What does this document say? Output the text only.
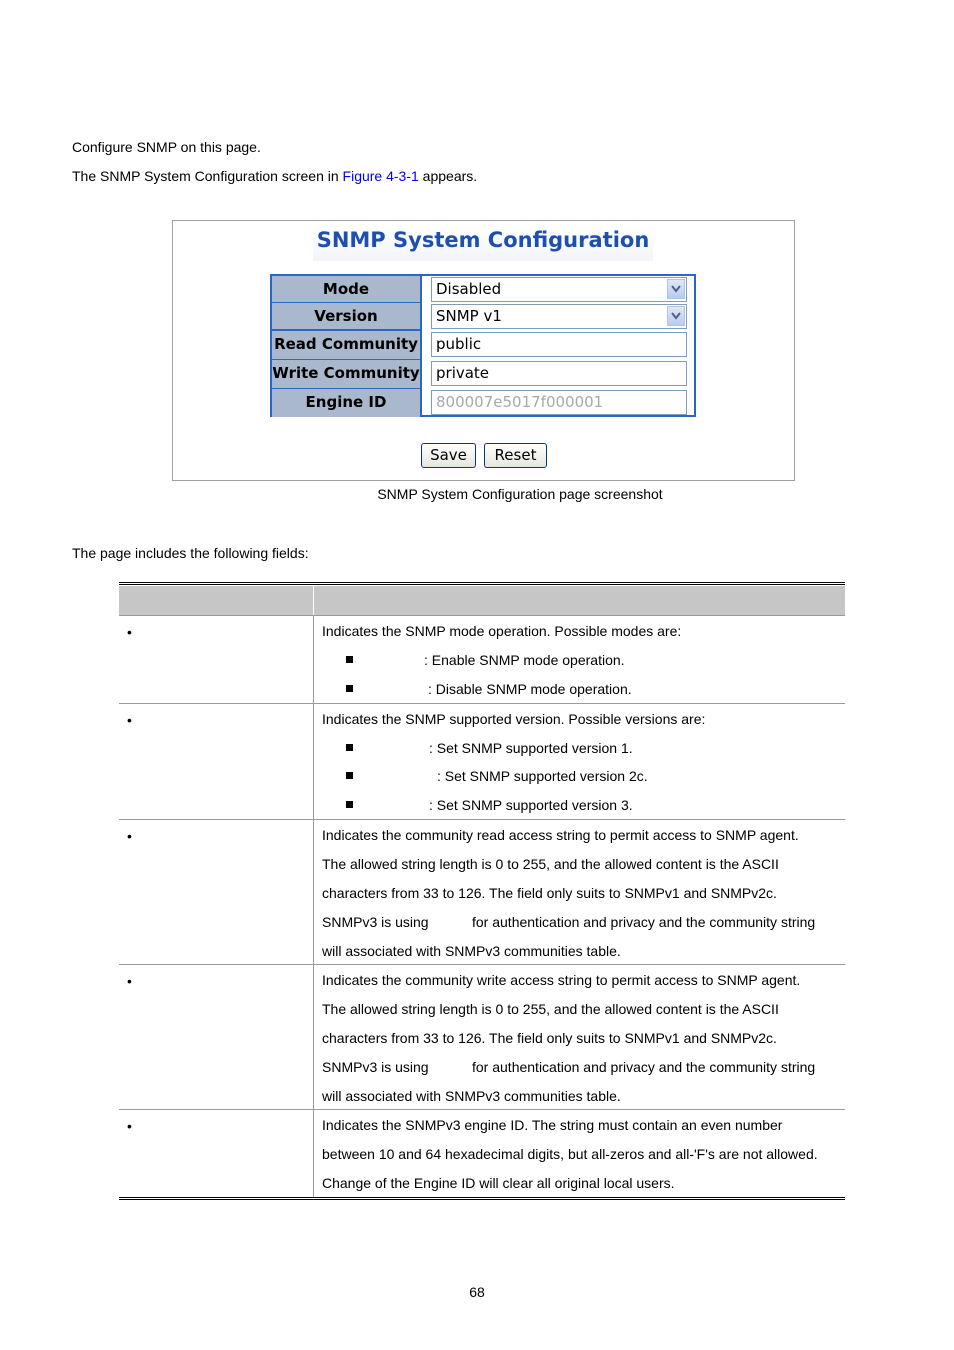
Configure SNMP on this page.
The SNMP System Configuration screen in Figure 4-3-1 appears.
SNMP System Configuration
Mode	Disabled
Version	SNMP v1
Read Community	public
Write Community	private
Engine ID	800007e5017f000001
Save	Reset
SNMP System Configuration page screenshot
The page includes the following fields:
•	Indicates the SNMP mode operation. Possible modes are:
: Enable SNMP mode operation.
: Disable SNMP mode operation.
•	Indicates the SNMP supported version. Possible versions are:
: Set SNMP supported version 1.
: Set SNMP supported version 2c.
: Set SNMP supported version 3.
•	Indicates the community read access string to permit access to SNMP agent.
The allowed string length is 0 to 255, and the allowed content is the ASCII
characters from 33 to 126. The field only suits to SNMPv1 and SNMPv2c.
SNMPv3 is using	for authentication and privacy and the community string
will associated with SNMPv3 communities table.
•	Indicates the community write access string to permit access to SNMP agent.
The allowed string length is 0 to 255, and the allowed content is the ASCII
characters from 33 to 126. The field only suits to SNMPv1 and SNMPv2c.
SNMPv3 is using	for authentication and privacy and the community string
will associated with SNMPv3 communities table.
•	Indicates the SNMPv3 engine ID. The string must contain an even number
between 10 and 64 hexadecimal digits, but all-zeros and all-'F's are not allowed.
Change of the Engine ID will clear all original local users.
68
